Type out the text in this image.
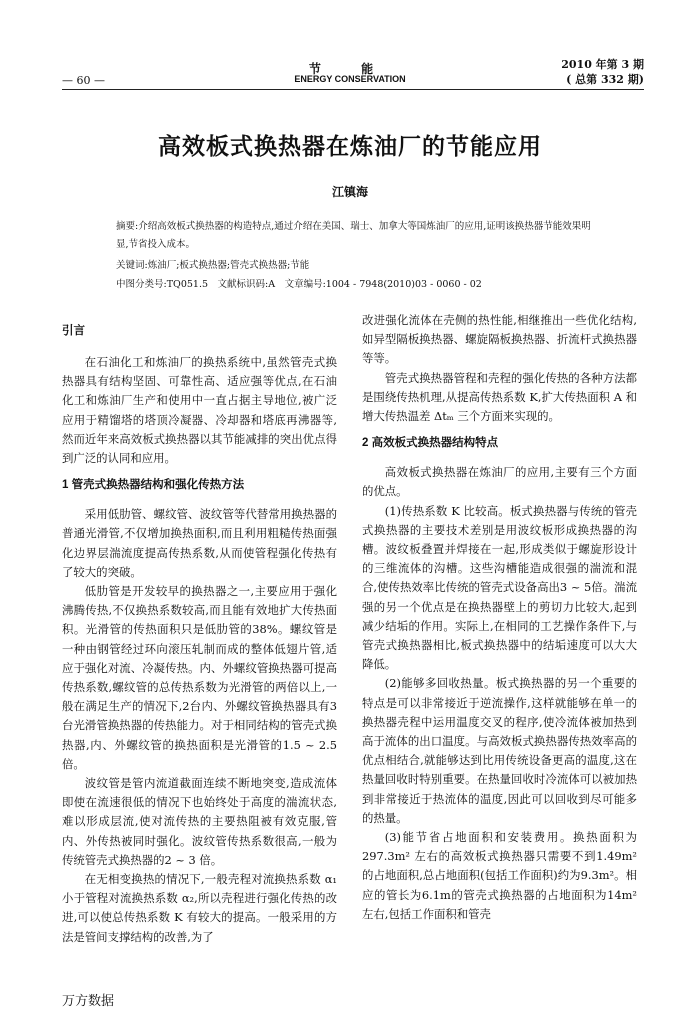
节 能
ENERGY CONSERVATION
— 60 —
2010 年第 3 期
( 总第 332 期)
高效板式换热器在炼油厂的节能应用
江镇海
摘要:介绍高效板式换热器的构造特点,通过介绍在美国、瑞士、加拿大等国炼油厂的应用,证明该换热器节能效果明显,节省投入成本。
关键词:炼油厂;板式换热器;管壳式换热器;节能
中图分类号:TQ051.5　文献标识码:A　文章编号:1004 - 7948(2010)03 - 0060 - 02
引言

在石油化工和炼油厂的换热系统中,虽然管壳式换热器具有结构坚固、可靠性高、适应强等优点,在石油化工和炼油厂生产和使用中一直占据主导地位,被广泛应用于精馏塔的塔顶冷凝器、冷却器和塔底再沸器等,然而近年来高效板式换热器以其节能减排的突出优点得到广泛的认同和应用。

1 管壳式换热器结构和强化传热方法

采用低肋管、螺纹管、波纹管等代替常用换热器的普通光滑管,不仅增加换热面积,而且利用粗糙传热面强化边界层湍流度提高传热系数,从而使管程强化传热有了较大的突破。

低肋管是开发较早的换热器之一,主要应用于强化沸腾传热,不仅换热系数较高,而且能有效地扩大传热面积。光滑管的传热面积只是低肋管的38%。螺纹管是一种由钢管经过环向滚压轧制而成的整体低翅片管,适应于强化对流、冷凝传热。内、外螺纹管换热器可提高传热系数,螺纹管的总传热系数为光滑管的两倍以上,一般在满足生产的情况下,2台内、外螺纹管换热器具有3台光滑管换热器的传热能力。对于相同结构的管壳式换热器,内、外螺纹管的换热面积是光滑管的1.5 ~ 2.5 倍。

波纹管是管内流道截面连续不断地突变,造成流体即使在流速很低的情况下也始终处于高度的湍流状态,难以形成层流,使对流传热的主要热阻被有效克服,管内、外传热被同时强化。波纹管传热系数很高,一般为传统管壳式换热器的2 ~ 3 倍。

在无相变换热的情况下,一般壳程对流换热系数 α₁ 小于管程对流换热系数 α₂,所以壳程进行强化传热的改进,可以使总传热系数 K 有较大的提高。一般采用的方法是管间支撑结构的改善,为了

改进强化流体在壳侧的热性能,相继推出一些优化结构,如异型隔板换热器、螺旋隔板换热器、折流杆式换热器等等。

管壳式换热器管程和壳程的强化传热的各种方法都是围绕传热机理,从提高传热系数 K,扩大传热面积 A 和增大传热温差 Δtₘ 三个方面来实现的。

2 高效板式换热器结构特点

高效板式换热器在炼油厂的应用,主要有三个方面的优点。

(1)传热系数 K 比较高。板式换热器与传统的管壳式换热器的主要技术差别是用波纹板形成换热器的沟槽。波纹板叠置并焊接在一起,形成类似于螺旋形设计的三维流体的沟槽。这些沟槽能造成很强的湍流和混合,使传热效率比传统的管壳式设备高出3 ~ 5倍。湍流强的另一个优点是在换热器壁上的剪切力比较大,起到减少结垢的作用。实际上,在相同的工艺操作条件下,与管壳式换热器相比,板式换热器中的结垢速度可以大大降低。

(2)能够多回收热量。板式换热器的另一个重要的特点是可以非常接近于逆流操作,这样就能够在单一的换热器壳程中运用温度交叉的程序,使冷流体被加热到高于流体的出口温度。与高效板式换热器传热效率高的优点相结合,就能够达到比用传统设备更高的温度,这在热量回收时特别重要。在热量回收时冷流体可以被加热到非常接近于热流体的温度,因此可以回收到尽可能多的热量。

(3)能节省占地面积和安装费用。换热面积为297.3m² 左右的高效板式换热器只需要不到1.49m² 的占地面积,总占地面积(包括工作面积)约为9.3m²。相应的管长为6.1m的管壳式换热器的占地面积为14m² 左右,包括工作面积和管壳

万方数据
